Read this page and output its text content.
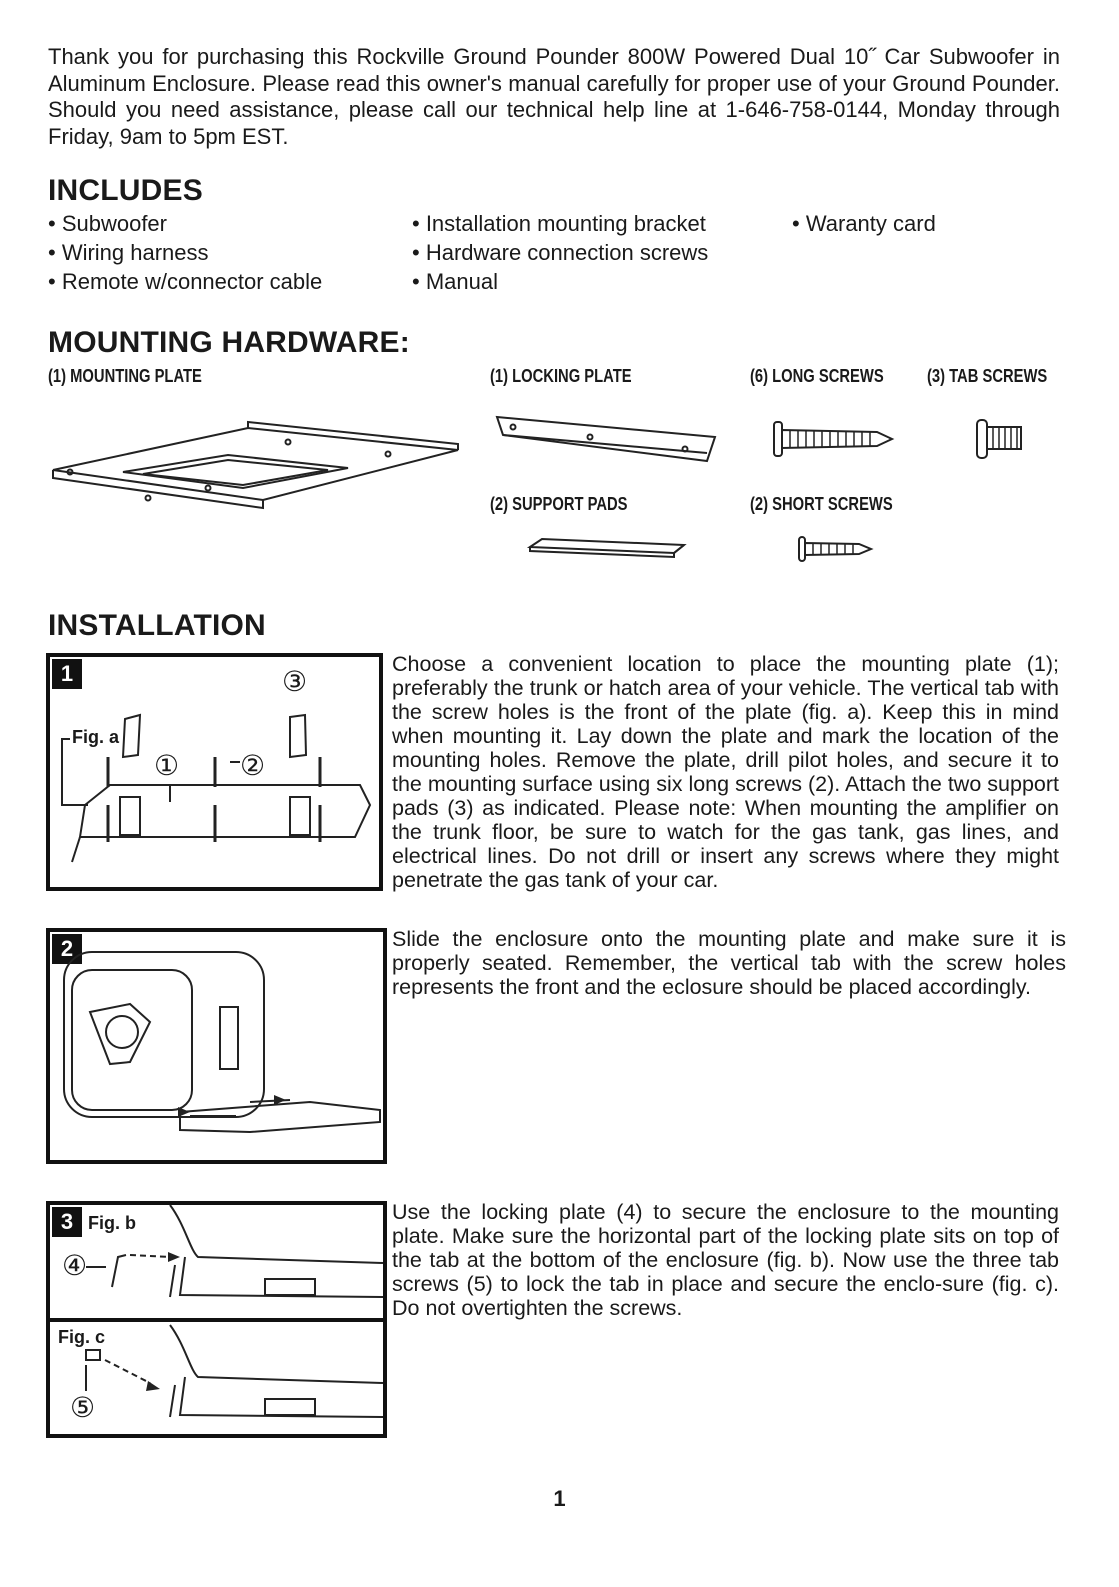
Thank you for purchasing this Rockville Ground Pounder 800W Powered Dual 10˝ Car Subwoofer in Aluminum Enclosure. Please read this owner's manual carefully for proper use of your Ground Pounder. Should you need assistance, please call our technical help line at 1-646-758-0144, Monday through Friday, 9am to 5pm EST.
INCLUDES
• Subwoofer
• Wiring harness
• Remote w/connector cable
• Installation mounting bracket
• Hardware connection screws
• Manual
• Waranty card
MOUNTING HARDWARE:
(1) MOUNTING PLATE	(1) LOCKING PLATE	(6) LONG SCREWS (3) TAB SCREWS
(2) SUPPORT PADS	(2) SHORT SCREWS
INSTALLATION
1
Fig. a
① ②
③
Choose a convenient location to place the mounting plate (1); preferably the trunk or hatch area of your vehicle. The vertical tab with the screw holes is the front of the plate (fig. a). Keep this in mind when mounting it. Lay down the plate and mark the location of the mounting holes. Remove the plate, drill pilot holes, and secure it to the mounting surface using six long screws (2). Attach the two support pads (3) as indicated. Please note: When mounting the amplifier on the trunk floor, be sure to watch for the gas tank, gas lines, and electrical lines. Do not drill or insert any screws where they might penetrate the gas tank of your car.
2	Slide the enclosure onto the mounting plate and make sure it is properly seated. Remember, the vertical tab with the screw holes represents the front and the eclosure should be placed accordingly.
3 Fig. b
Fig. c
④
⑤
Use the locking plate (4) to secure the enclosure to the mounting plate. Make sure the horizontal part of the locking plate sits on top of the tab at the bottom of the enclosure (fig. b). Now use the three tab screws (5) to lock the tab in place and secure the enclo-sure (fig. c). Do not overtighten the screws.
1
